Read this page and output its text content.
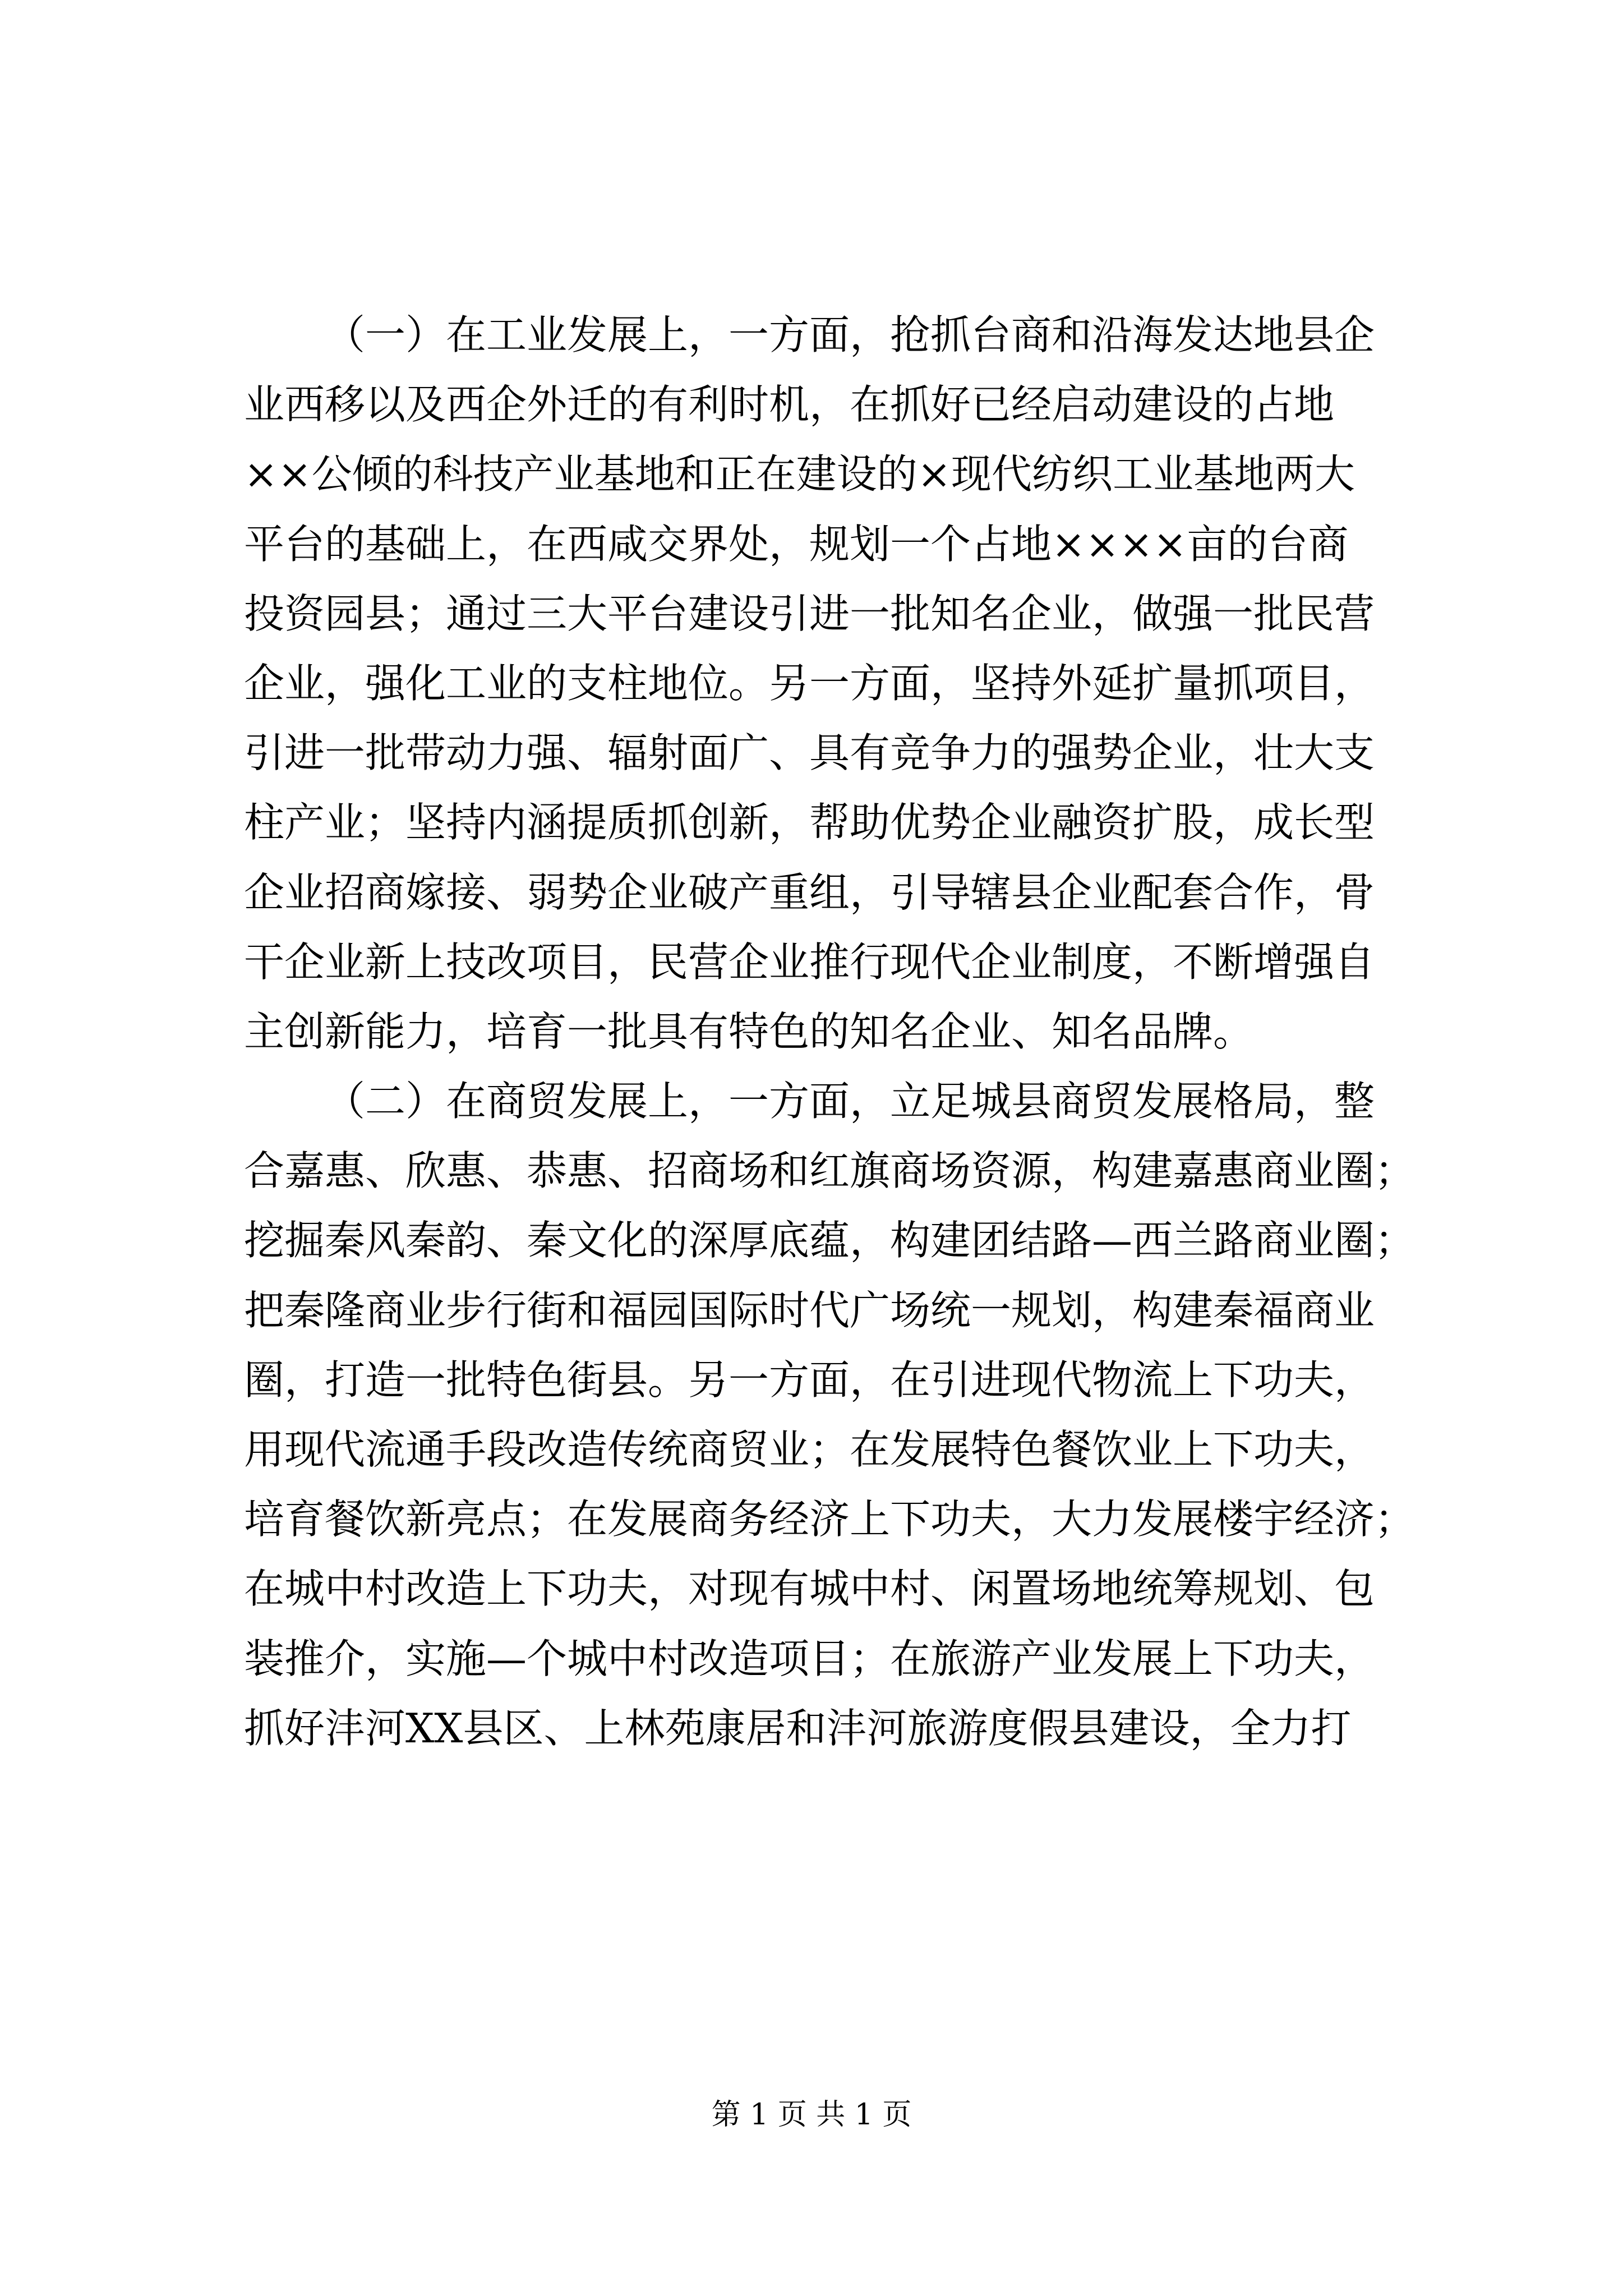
（一）在工业发展上，一方面，抢抓台商和沿海发达地县企
业西移以及西企外迁的有利时机，在抓好已经启动建设的占地
××公倾的科技产业基地和正在建设的×现代纺织工业基地两大
平台的基础上，在西咸交界处，规划一个占地××××亩的台商
投资园县；通过三大平台建设引进一批知名企业，做强一批民营
企业，强化工业的支柱地位。另一方面，坚持外延扩量抓项目，
引进一批带动力强、辐射面广、具有竞争力的强势企业，壮大支
柱产业；坚持内涵提质抓创新，帮助优势企业融资扩股，成长型
企业招商嫁接、弱势企业破产重组，引导辖县企业配套合作，骨
干企业新上技改项目，民营企业推行现代企业制度，不断增强自
主创新能力，培育一批具有特色的知名企业、知名品牌。
（二）在商贸发展上，一方面，立足城县商贸发展格局，整
合嘉惠、欣惠、恭惠、招商场和红旗商场资源，构建嘉惠商业圈；
挖掘秦风秦韵、秦文化的深厚底蕴，构建团结路—西兰路商业圈；
把秦隆商业步行街和福园国际时代广场统一规划，构建秦福商业
圈，打造一批特色街县。另一方面，在引进现代物流上下功夫，
用现代流通手段改造传统商贸业；在发展特色餐饮业上下功夫，
培育餐饮新亮点；在发展商务经济上下功夫，大力发展楼宇经济；
在城中村改造上下功夫，对现有城中村、闲置场地统筹规划、包
装推介，实施—个城中村改造项目；在旅游产业发展上下功夫，
抓好沣河XX县区、上林苑康居和沣河旅游度假县建设，全力打
第 1 页 共 1 页
